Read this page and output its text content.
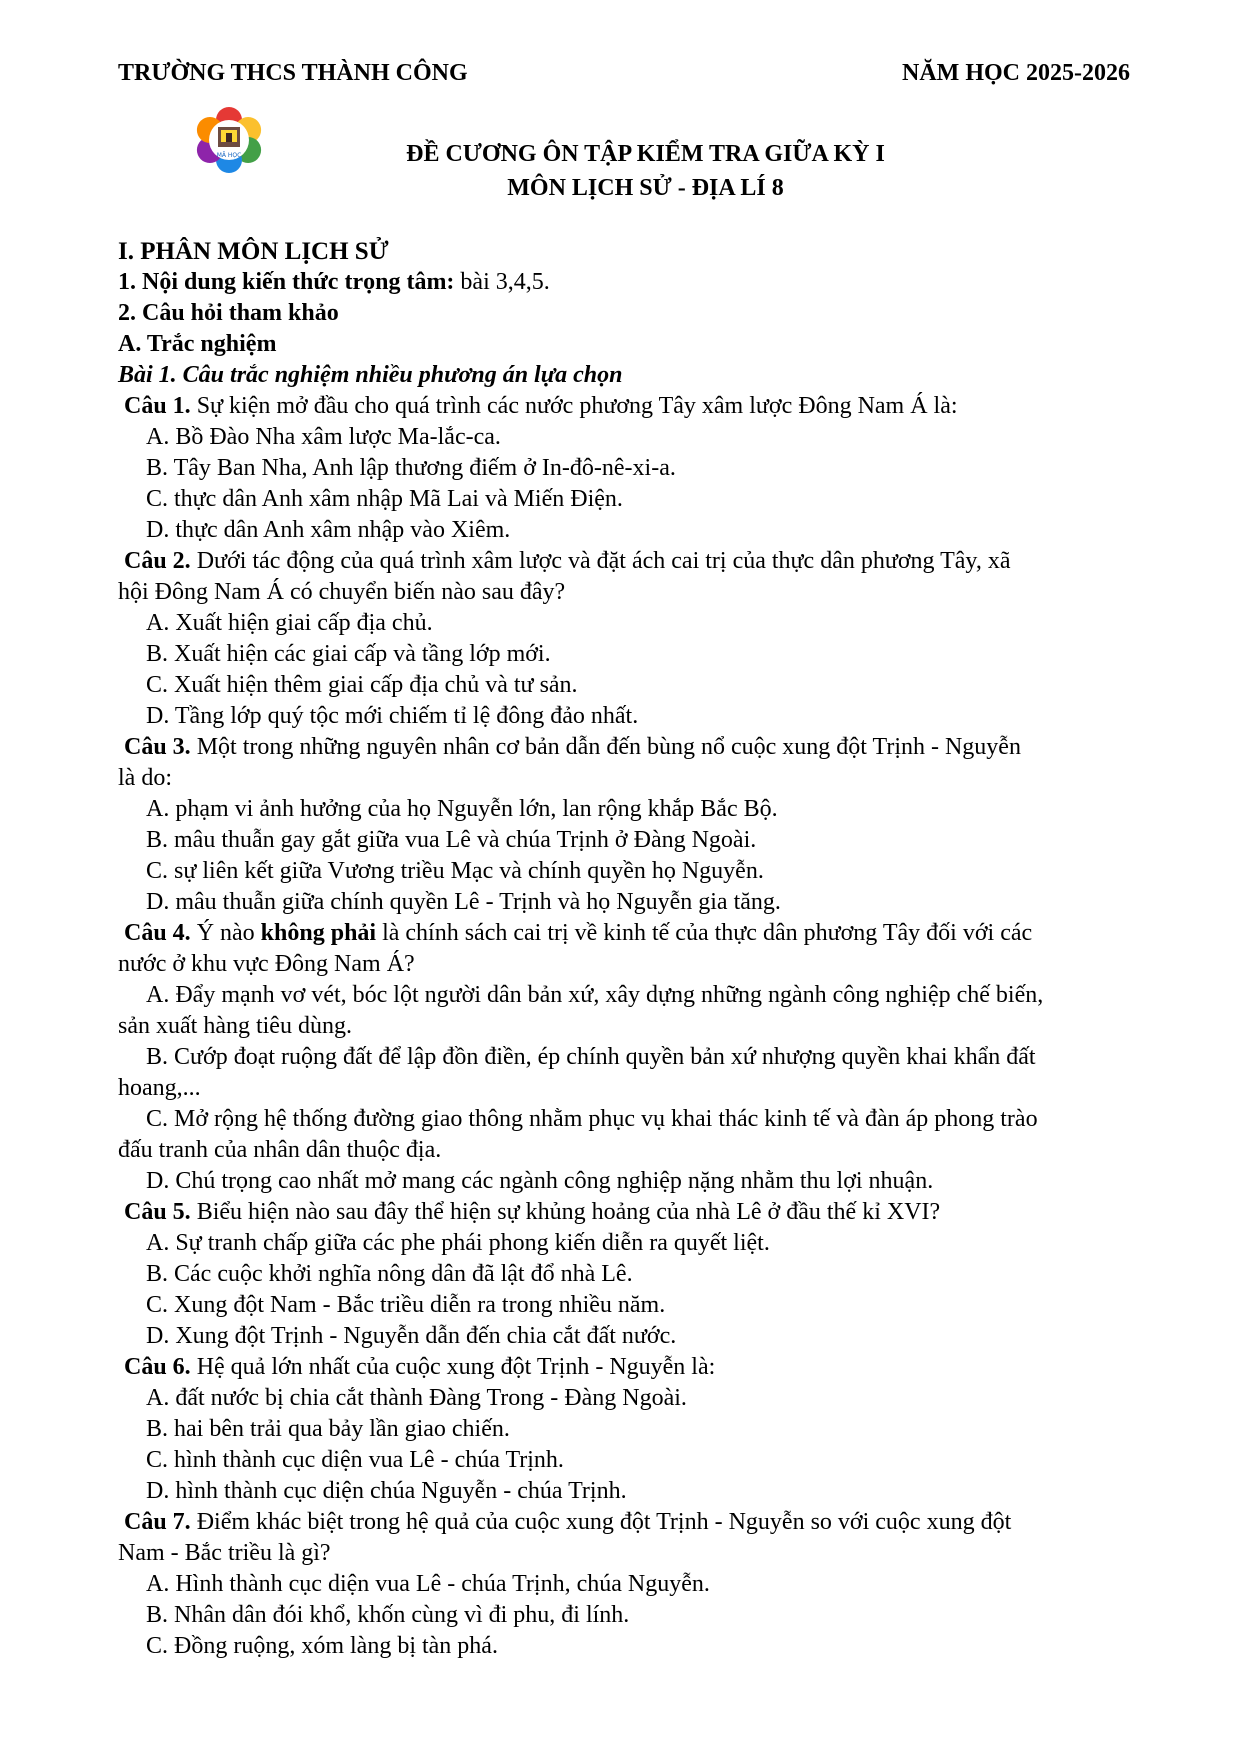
TRƯỜNG THCS THÀNH CÔNG	NĂM HỌC 2025-2026
MÃ HỌC	ĐỀ CƯƠNG ÔN TẬP KIỂM TRA GIỮA KỲ I
MÔN LỊCH SỬ - ĐỊA LÍ 8
I. PHÂN MÔN LỊCH SỬ
1. Nội dung kiến thức trọng tâm: bài 3,4,5.
2. Câu hỏi tham khảo
A. Trắc nghiệm
Bài 1. Câu trắc nghiệm nhiều phương án lựa chọn
Câu 1. Sự kiện mở đầu cho quá trình các nước phương Tây xâm lược Đông Nam Á là:
A. Bồ Đào Nha xâm lược Ma-lắc-ca.
B. Tây Ban Nha, Anh lập thương điếm ở In-đô-nê-xi-a.
C. thực dân Anh xâm nhập Mã Lai và Miến Điện.
D. thực dân Anh xâm nhập vào Xiêm.
Câu 2. Dưới tác động của quá trình xâm lược và đặt ách cai trị của thực dân phương Tây, xã
hội Đông Nam Á có chuyển biến nào sau đây?
A. Xuất hiện giai cấp địa chủ.
B. Xuất hiện các giai cấp và tầng lớp mới.
C. Xuất hiện thêm giai cấp địa chủ và tư sản.
D. Tầng lớp quý tộc mới chiếm tỉ lệ đông đảo nhất.
Câu 3. Một trong những nguyên nhân cơ bản dẫn đến bùng nổ cuộc xung đột Trịnh - Nguyễn
là do:
A. phạm vi ảnh hưởng của họ Nguyễn lớn, lan rộng khắp Bắc Bộ.
B. mâu thuẫn gay gắt giữa vua Lê và chúa Trịnh ở Đàng Ngoài.
C. sự liên kết giữa Vương triều Mạc và chính quyền họ Nguyễn.
D. mâu thuẫn giữa chính quyền Lê - Trịnh và họ Nguyễn gia tăng.
Câu 4. Ý nào không phải là chính sách cai trị về kinh tế của thực dân phương Tây đối với các
nước ở khu vực Đông Nam Á?
A. Đẩy mạnh vơ vét, bóc lột người dân bản xứ, xây dựng những ngành công nghiệp chế biến,
sản xuất hàng tiêu dùng.
B. Cướp đoạt ruộng đất để lập đồn điền, ép chính quyền bản xứ nhượng quyền khai khẩn đất
hoang,...
C. Mở rộng hệ thống đường giao thông nhằm phục vụ khai thác kinh tế và đàn áp phong trào
đấu tranh của nhân dân thuộc địa.
D. Chú trọng cao nhất mở mang các ngành công nghiệp nặng nhằm thu lợi nhuận.
Câu 5. Biểu hiện nào sau đây thể hiện sự khủng hoảng của nhà Lê ở đầu thế kỉ XVI?
A. Sự tranh chấp giữa các phe phái phong kiến diễn ra quyết liệt.
B. Các cuộc khởi nghĩa nông dân đã lật đổ nhà Lê.
C. Xung đột Nam - Bắc triều diễn ra trong nhiều năm.
D. Xung đột Trịnh - Nguyễn dẫn đến chia cắt đất nước.
Câu 6. Hệ quả lớn nhất của cuộc xung đột Trịnh - Nguyễn là:
A. đất nước bị chia cắt thành Đàng Trong - Đàng Ngoài.
B. hai bên trải qua bảy lần giao chiến.
C. hình thành cục diện vua Lê - chúa Trịnh.
D. hình thành cục diện chúa Nguyễn - chúa Trịnh.
Câu 7. Điểm khác biệt trong hệ quả của cuộc xung đột Trịnh - Nguyễn so với cuộc xung đột
Nam - Bắc triều là gì?
A. Hình thành cục diện vua Lê - chúa Trịnh, chúa Nguyễn.
B. Nhân dân đói khổ, khốn cùng vì đi phu, đi lính.
C. Đồng ruộng, xóm làng bị tàn phá.
